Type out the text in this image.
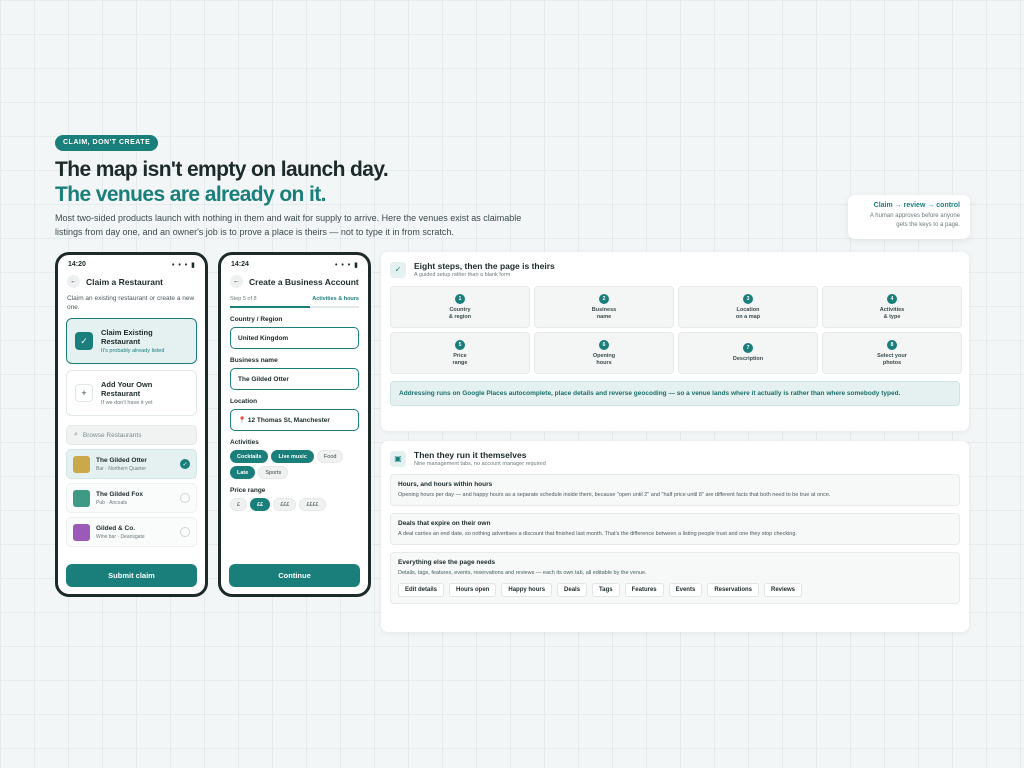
CLAIM, DON'T CREATE
The map isn't empty on launch day.
The venues are already on it.

Most two-sided products launch with nothing in them and wait for supply to arrive. Here the venues exist as claimable listings from day one, and an owner's job is to prove a place is theirs — not to type it in from scratch.

Claim → review → control
A human approves before anyone gets the keys to a page.
14:20	• • • ▮
←	Claim a Restaurant
Claim an existing restaurant or create a new one.
✓
Claim Existing Restaurant
It's probably already listed
+
Add Your Own Restaurant
If we don't have it yet
⌕ Browse Restaurants
The Gilded Otter
Bar · Northern Quarter
✓
The Gilded Fox
Pub · Ancoats
Gilded & Co.
Wine bar · Deansgate
Submit claim
14:24	• • • ▮
←	Create a Business Account
Step 5 of 8	Activities & hours
Country / Region
United Kingdom
Business name
The Gilded Otter
Location
📍 12 Thomas St, Manchester
Activities
Cocktails	Live music	Food
Late	Sports
Price range
£	££	£££	££££
Continue
✓	Eight steps, then the page is theirs
A guided setup rather than a blank form
1
Country
& region
2
Business
name
3
Location
on a map
4
Activities
& type
5
Price
range
6
Opening
hours
7
Description
8
Select your
photos
Addressing runs on Google Places autocomplete, place details and reverse geocoding — so a venue lands where it actually is rather than where somebody typed.
▣	Then they run it themselves
Nine management tabs, no account manager required
Hours, and hours within hours
Opening hours per day — and happy hours as a separate schedule inside them, because "open until 2" and "half price until 8" are different facts that both need to be true at once.
Deals that expire on their own
A deal carries an end date, so nothing advertises a discount that finished last month. That's the difference between a listing people trust and one they stop checking.
Everything else the page needs
Details, tags, features, events, reservations and reviews — each its own tab, all editable by the venue.
Edit details	Hours open	Happy hours	Deals	Tags	Features	Events	Reservations	Reviews
